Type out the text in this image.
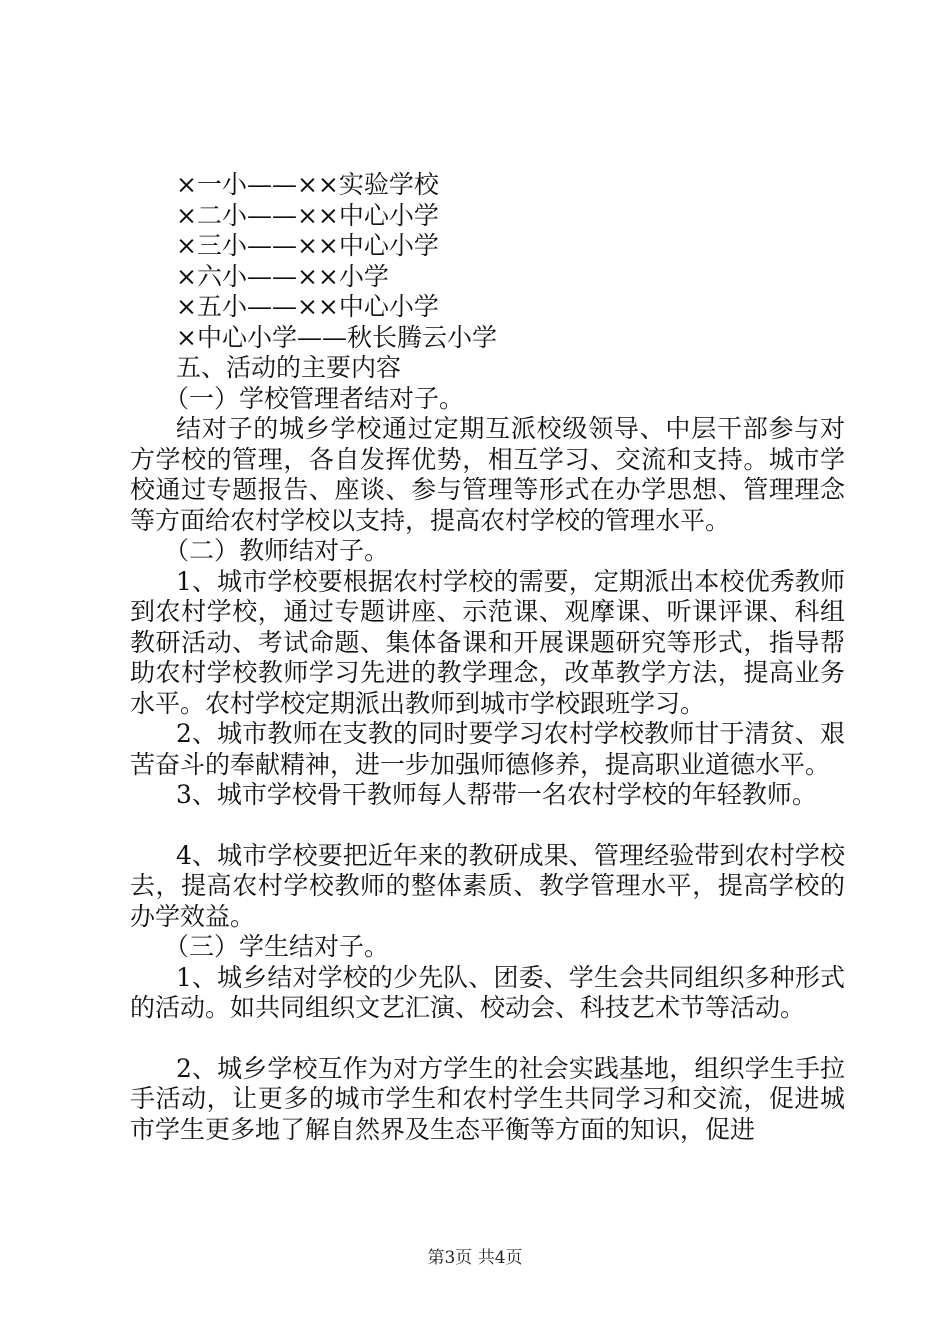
×一小——××实验学校
×二小——××中心小学
×三小——××中心小学
×六小——××小学
×五小——××中心小学
×中心小学——秋长腾云小学
五、活动的主要内容
（一）学校管理者结对子。

结对子的城乡学校通过定期互派校级领导、中层干部参与对方学校的管理，各自发挥优势，相互学习、交流和支持。城市学校通过专题报告、座谈、参与管理等形式在办学思想、管理理念等方面给农村学校以支持，提高农村学校的管理水平。

（二）教师结对子。

1、城市学校要根据农村学校的需要，定期派出本校优秀教师到农村学校，通过专题讲座、示范课、观摩课、听课评课、科组教研活动、考试命题、集体备课和开展课题研究等形式，指导帮助农村学校教师学习先进的教学理念，改革教学方法，提高业务水平。农村学校定期派出教师到城市学校跟班学习。

2、城市教师在支教的同时要学习农村学校教师甘于清贫、艰苦奋斗的奉献精神，进一步加强师德修养，提高职业道德水平。

3、城市学校骨干教师每人帮带一名农村学校的年轻教师。

4、城市学校要把近年来的教研成果、管理经验带到农村学校去，提高农村学校教师的整体素质、教学管理水平，提高学校的办学效益。

（三）学生结对子。

1、城乡结对学校的少先队、团委、学生会共同组织多种形式的活动。如共同组织文艺汇演、校动会、科技艺术节等活动。

2、城乡学校互作为对方学生的社会实践基地，组织学生手拉手活动，让更多的城市学生和农村学生共同学习和交流，促进城市学生更多地了解自然界及生态平衡等方面的知识，促进

第3页 共4页
